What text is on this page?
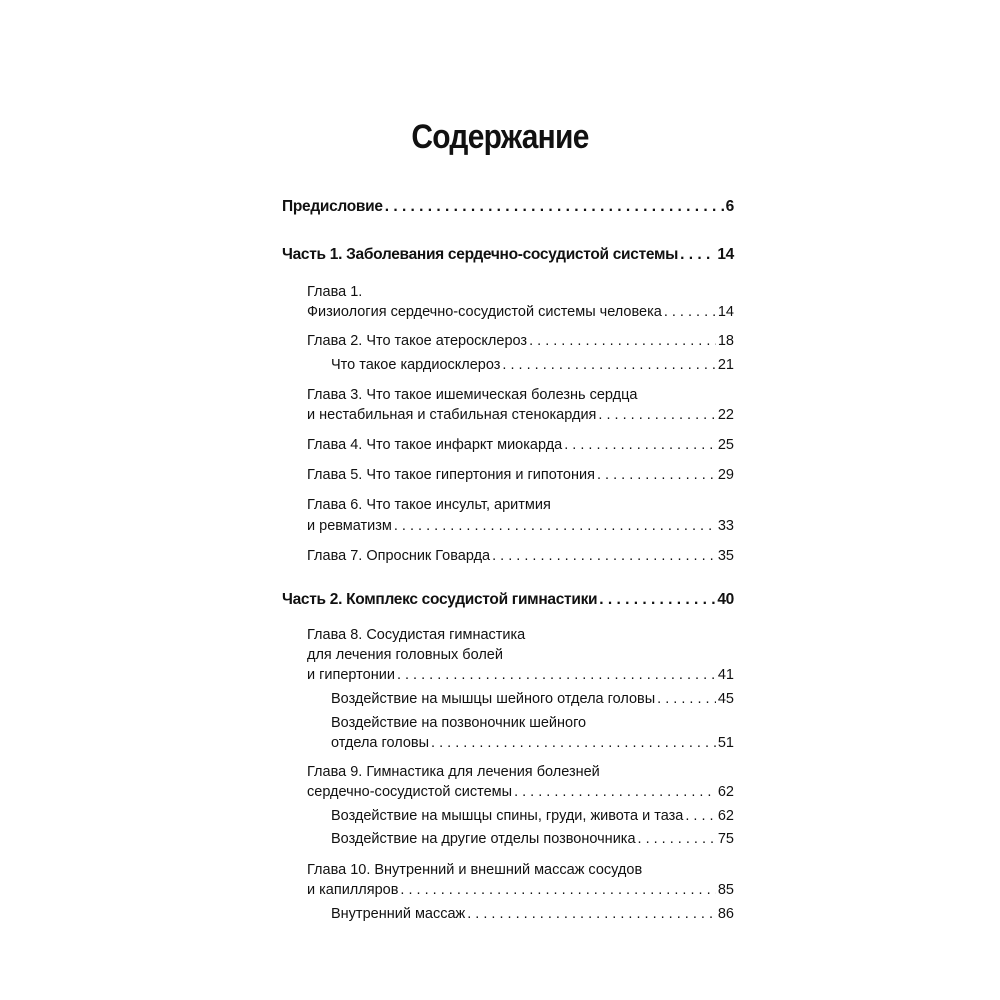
Содержание
Предисловие . . .	6
Часть 1. Заболевания сердечно-сосудистой системы . . .	14
Глава 1.
Физиология сердечно-сосудистой системы человека . . .	14
Глава 2. Что такое атеросклероз . . .	18
Что такое кардиосклероз . . .	21
Глава 3. Что такое ишемическая болезнь сердца
и нестабильная и стабильная стенокардия . . .	22
Глава 4. Что такое инфаркт миокарда . . .	25
Глава 5. Что такое гипертония и гипотония . . .	29
Глава 6. Что такое инсульт, аритмия
и ревматизм . . .	33
Глава 7. Опросник Говарда . . .	35
Часть 2. Комплекс сосудистой гимнастики . . .	40
Глава 8. Сосудистая гимнастика
для лечения головных болей
и гипертонии . . .	41
Воздействие на мышцы шейного отдела головы . . .	45
Воздействие на позвоночник шейного
отдела головы . . .	51
Глава 9. Гимнастика для лечения болезней
сердечно-сосудистой системы . . .	62
Воздействие на мышцы спины, груди, живота и таза . . . 62
Воздействие на другие отделы позвоночника . . .	75
Глава 10. Внутренний и внешний массаж сосудов
и капилляров . . .	85
Внутренний массаж . . .	86
